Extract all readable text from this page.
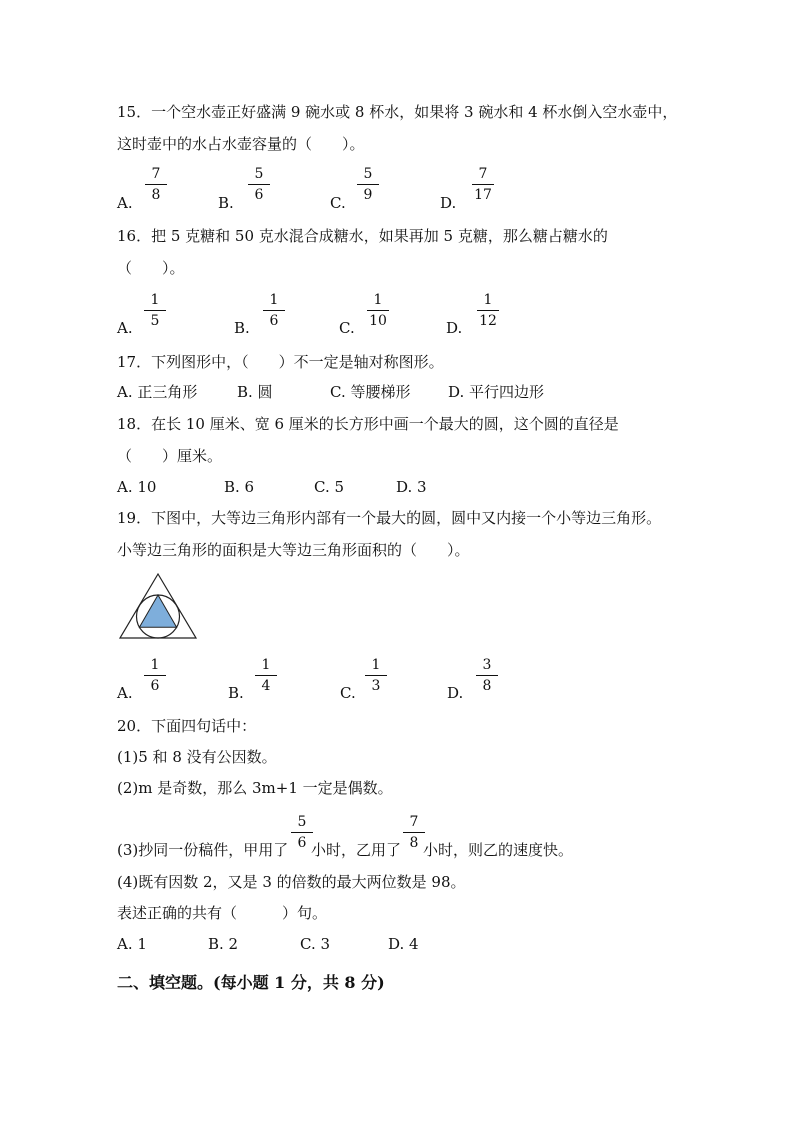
15．一个空水壶正好盛满 9 碗水或 8 杯水，如果将 3 碗水和 4 杯水倒入空水壶中，
这时壶中的水占水壶容量的（　　）。
A.
7
8	B.
5
6	C.
5
9	D.
7
17
16．把 5 克糖和 50 克水混合成糖水，如果再加 5 克糖，那么糖占糖水的
（　　）。
A.
1
5	B.
1
6	C.
1
10	D.
1
12
17．下列图形中，（　　）不一定是轴对称图形。
A. 正三角形	B. 圆	C. 等腰梯形	D. 平行四边形
18．在长 10 厘米、宽 6 厘米的长方形中画一个最大的圆，这个圆的直径是
（　　）厘米。
A. 10	B. 6	C. 5	D. 3
19．下图中，大等边三角形内部有一个最大的圆，圆中又内接一个小等边三角形。
小等边三角形的面积是大等边三角形面积的（　　）。
A.
1
6	B.
1
4	C.
1
3	D.
3
8
20．下面四句话中：
(1)5 和 8 没有公因数。
(2)m 是奇数，那么 3m+1 一定是偶数。
(3)抄同一份稿件，甲用了
5
6 小时，乙用了
7
8 小时，则乙的速度快。
(4)既有因数 2，又是 3 的倍数的最大两位数是 98。
表述正确的共有（　　　）句。
A. 1	B. 2	C. 3	D. 4
二、填空题。(每小题 1 分，共 8 分)
